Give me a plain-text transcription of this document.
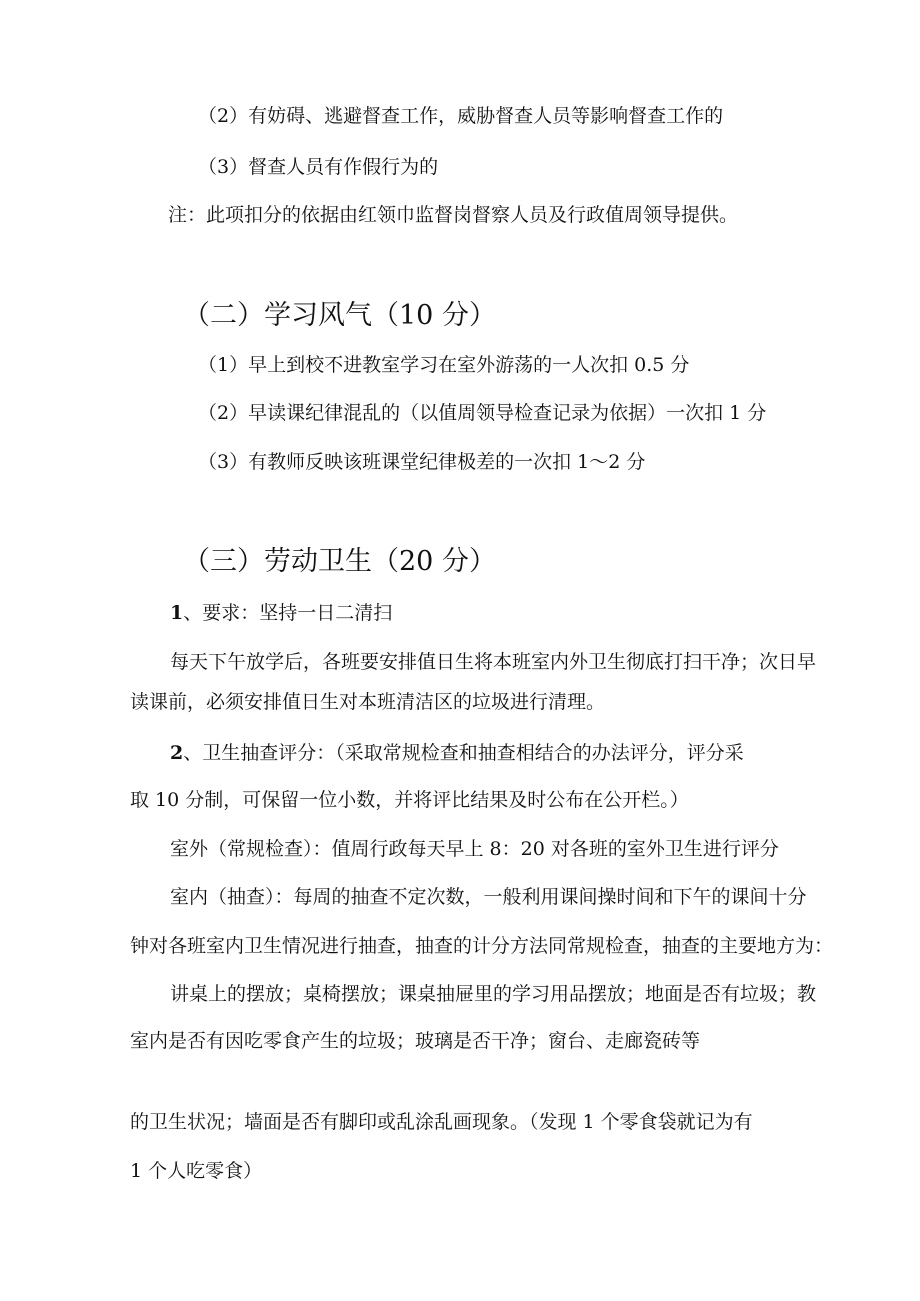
（2）有妨碍、逃避督查工作，威胁督查人员等影响督查工作的
（3）督查人员有作假行为的
注：此项扣分的依据由红领巾监督岗督察人员及行政值周领导提供。
（二）学习风气（10 分）
（1）早上到校不进教室学习在室外游荡的一人次扣 0.5 分
（2）早读课纪律混乱的（以值周领导检查记录为依据）一次扣 1 分
（3）有教师反映该班课堂纪律极差的一次扣 1～2 分
（三）劳动卫生（20 分）
1、要求：坚持一日二清扫
每天下午放学后，各班要安排值日生将本班室内外卫生彻底打扫干净；次日早
读课前，必须安排值日生对本班清洁区的垃圾进行清理。
2、卫生抽查评分：（采取常规检查和抽查相结合的办法评分，评分采
取 10 分制，可保留一位小数，并将评比结果及时公布在公开栏。）
室外（常规检查）：值周行政每天早上 8：20 对各班的室外卫生进行评分
室内（抽查）：每周的抽查不定次数，一般利用课间操时间和下午的课间十分
钟对各班室内卫生情况进行抽查，抽查的计分方法同常规检查，抽查的主要地方为：
讲桌上的摆放；桌椅摆放；课桌抽屉里的学习用品摆放；地面是否有垃圾；教
室内是否有因吃零食产生的垃圾；玻璃是否干净；窗台、走廊瓷砖等
的卫生状况；墙面是否有脚印或乱涂乱画现象。（发现 1 个零食袋就记为有
1 个人吃零食）
